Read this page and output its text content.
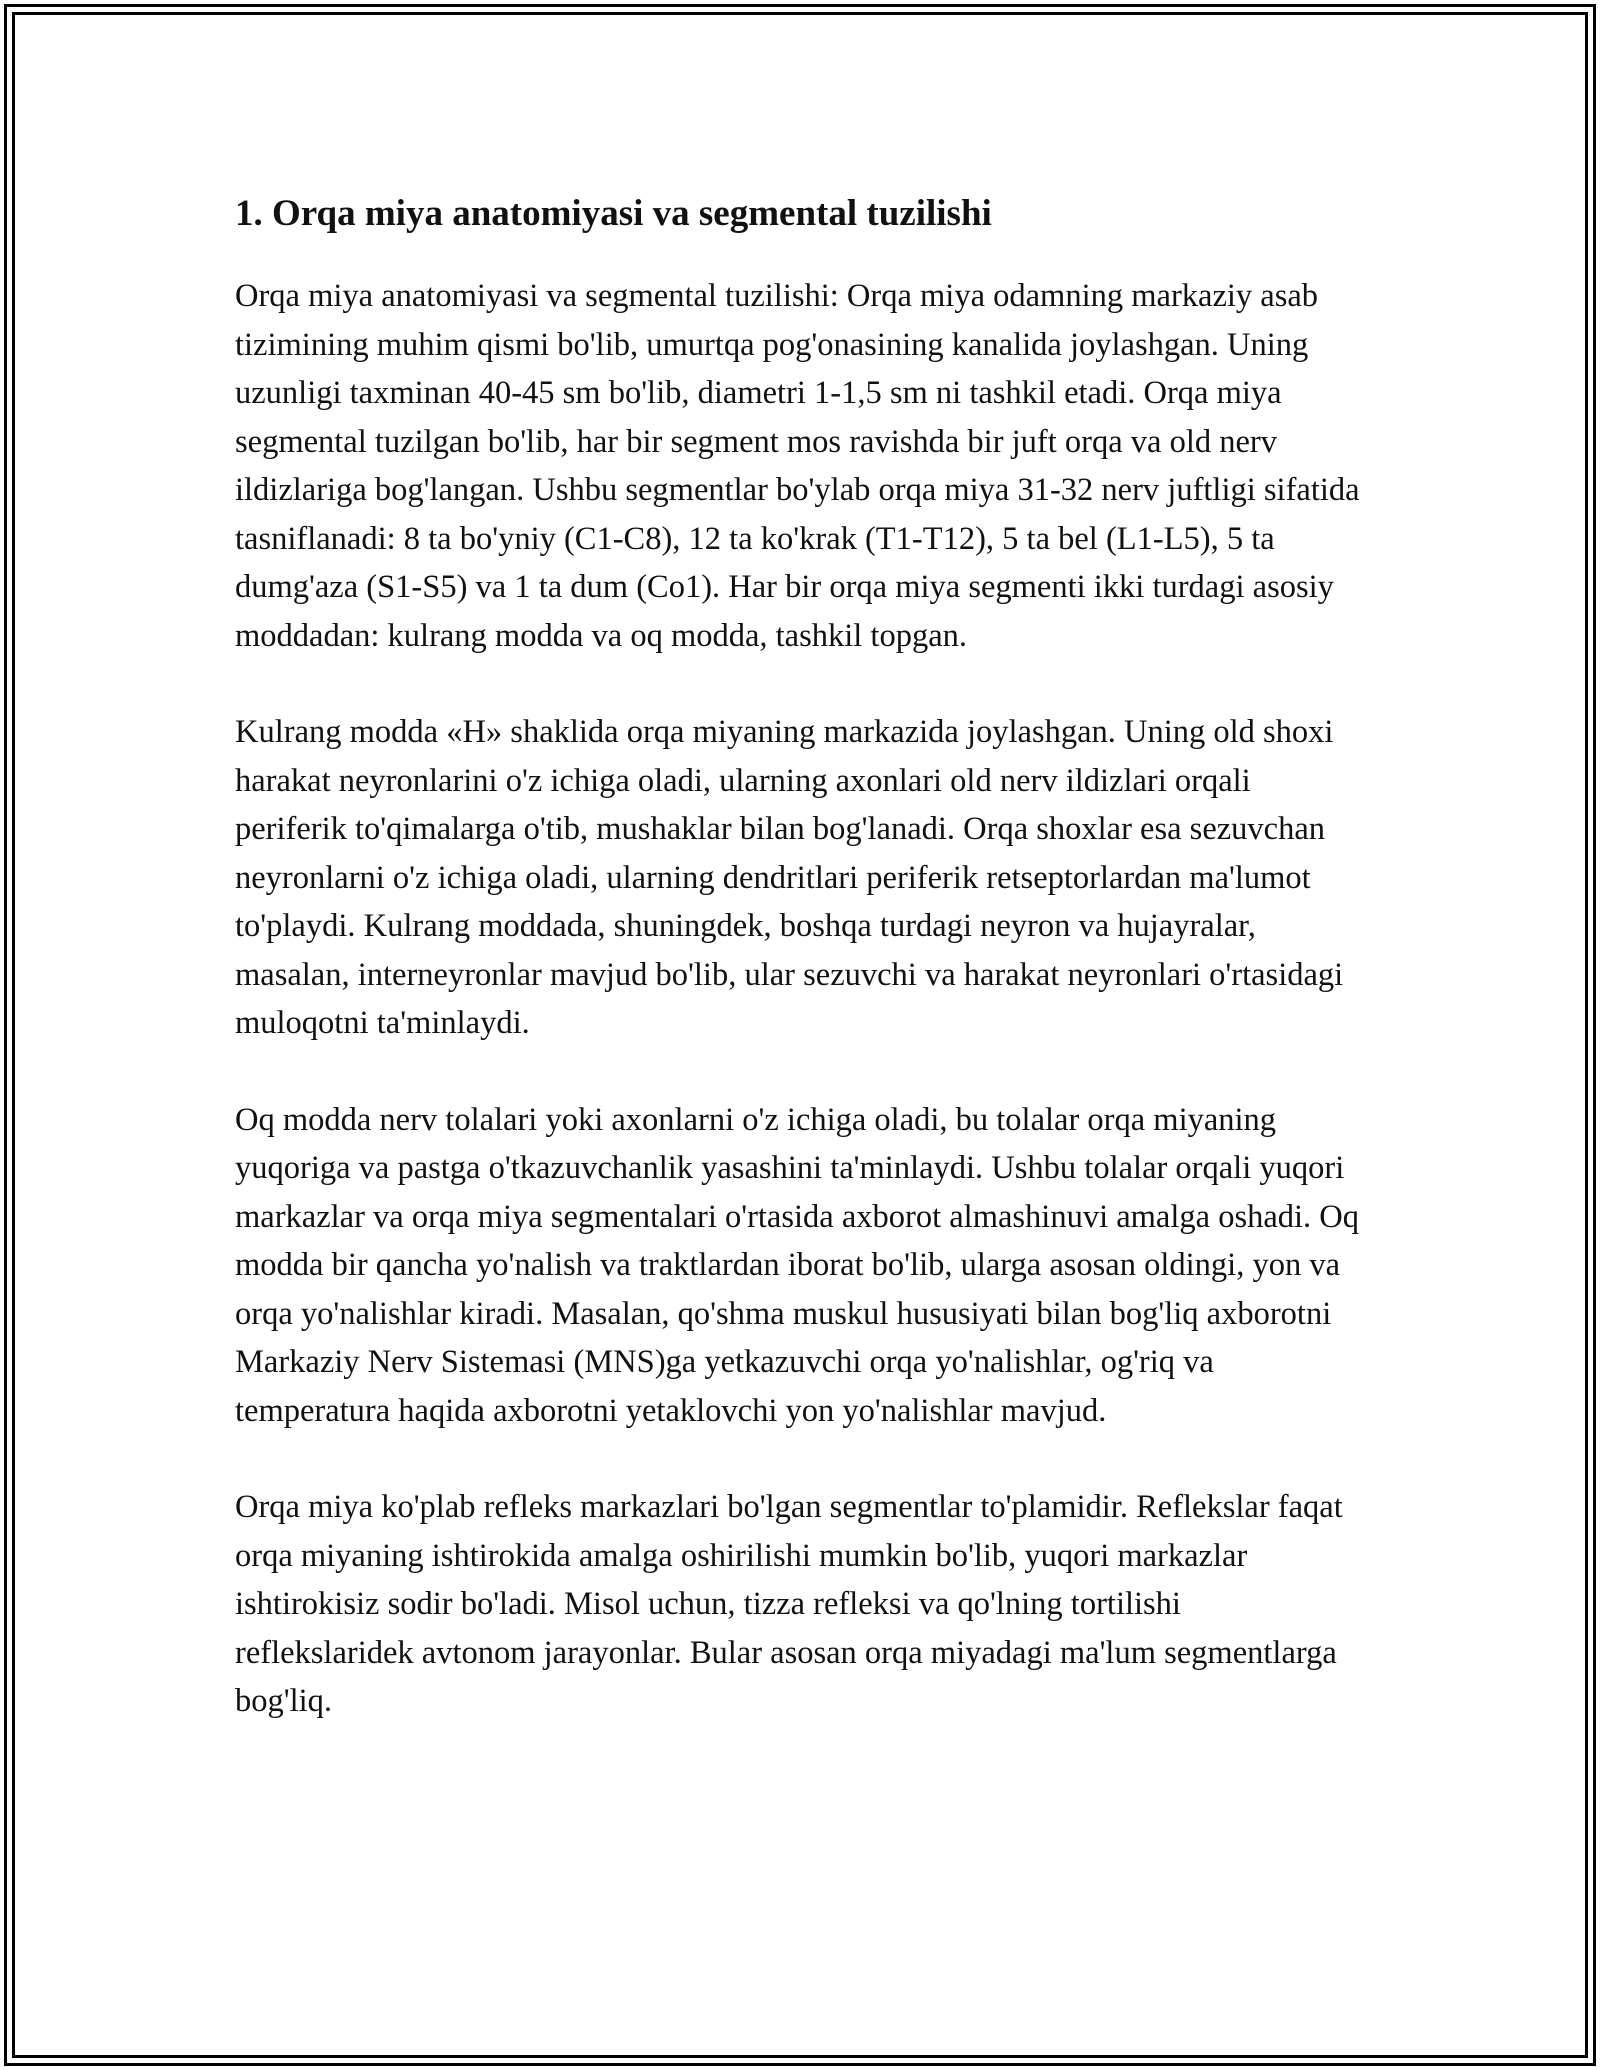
1. Orqa miya anatomiyasi va segmental tuzilishi

Orqa miya anatomiyasi va segmental tuzilishi: Orqa miya odamning markaziy asab tizimining muhim qismi bo'lib, umurtqa pog'onasining kanalida joylashgan. Uning uzunligi taxminan 40-45 sm bo'lib, diametri 1-1,5 sm ni tashkil etadi. Orqa miya segmental tuzilgan bo'lib, har bir segment mos ravishda bir juft orqa va old nerv ildizlariga bog'langan. Ushbu segmentlar bo'ylab orqa miya 31-32 nerv juftligi sifatida tasniflanadi: 8 ta bo'yniy (C1-C8), 12 ta ko'krak (T1-T12), 5 ta bel (L1-L5), 5 ta dumg'aza (S1-S5) va 1 ta dum (Co1). Har bir orqa miya segmenti ikki turdagi asosiy moddadan: kulrang modda va oq modda, tashkil topgan.

Kulrang modda «H» shaklida orqa miyaning markazida joylashgan. Uning old shoxi harakat neyronlarini o'z ichiga oladi, ularning axonlari old nerv ildizlari orqali periferik to'qimalarga o'tib, mushaklar bilan bog'lanadi. Orqa shoxlar esa sezuvchan neyronlarni o'z ichiga oladi, ularning dendritlari periferik retseptorlardan ma'lumot to'playdi. Kulrang moddada, shuningdek, boshqa turdagi neyron va hujayralar, masalan, interneyronlar mavjud bo'lib, ular sezuvchi va harakat neyronlari o'rtasidagi muloqotni ta'minlaydi.

Oq modda nerv tolalari yoki axonlarni o'z ichiga oladi, bu tolalar orqa miyaning yuqoriga va pastga o'tkazuvchanlik yasashini ta'minlaydi. Ushbu tolalar orqali yuqori markazlar va orqa miya segmentalari o'rtasida axborot almashinuvi amalga oshadi. Oq modda bir qancha yo'nalish va traktlardan iborat bo'lib, ularga asosan oldingi, yon va orqa yo'nalishlar kiradi. Masalan, qo'shma muskul hususiyati bilan bog'liq axborotni Markaziy Nerv Sistemasi (MNS)ga yetkazuvchi orqa yo'nalishlar, og'riq va temperatura haqida axborotni yetaklovchi yon yo'nalishlar mavjud.

Orqa miya ko'plab refleks markazlari bo'lgan segmentlar to'plamidir. Reflekslar faqat orqa miyaning ishtirokida amalga oshirilishi mumkin bo'lib, yuqori markazlar ishtirokisiz sodir bo'ladi. Misol uchun, tizza refleksi va qo'lning tortilishi reflekslaridek avtonom jarayonlar. Bular asosan orqa miyadagi ma'lum segmentlarga bog'liq.
